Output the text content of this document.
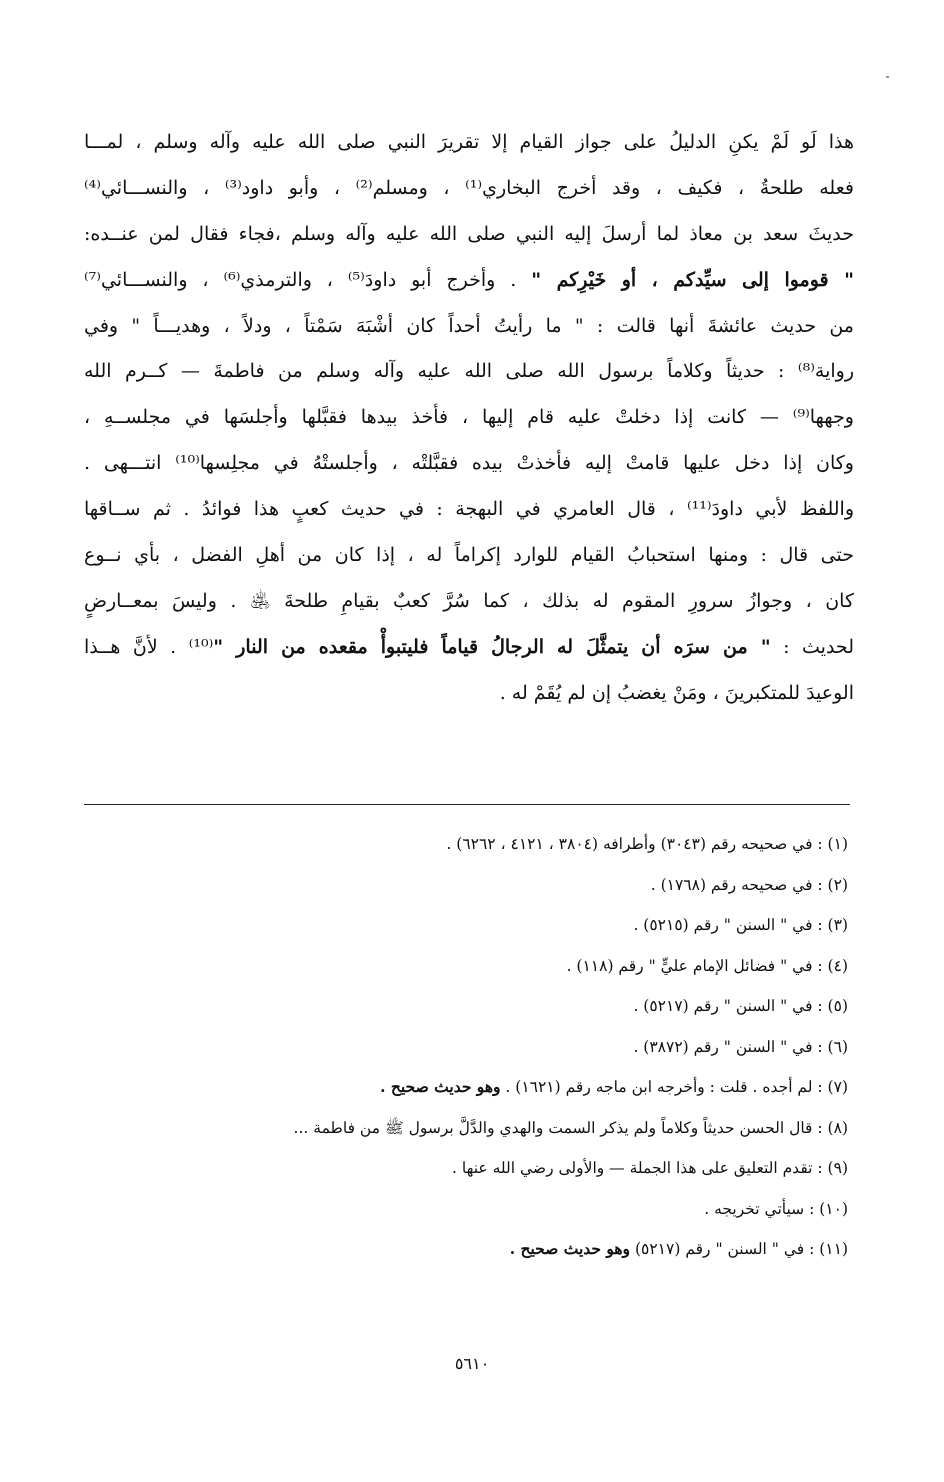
هذا لَو لَمْ يكنِ الدليلُ على جواز القيام إلا تقريرَ النبي صلى الله عليه وآله وسلم ، لمـــا
فعله طلحةُ ، فكيف ، وقد أخرج البخاري⁽¹⁾ ، ومسلم⁽²⁾ ، وأبو داود⁽³⁾ ، والنســـائي⁽⁴⁾
حديثَ سعد بن معاذ لما أرسلَ إليه النبي صلى الله عليه وآله وسلم ،فجاء فقال لمن عنــده:
" قوموا إلى سيِّدكم ، أو خَيْرِكم " . وأخرج أبو داودَ⁽⁵⁾ ، والترمذي⁽⁶⁾ ، والنســـائي⁽⁷⁾
من حديث عائشةَ أنها قالت : " ما رأيتُ أحداً كان أشْبَهَ سَمْتاً ، ودلاً ، وهديـــاً " وفي
رواية⁽⁸⁾ : حديثاً وكلاماً برسول الله صلى الله عليه وآله وسلم من فاطمةَ — كــرم الله
وجهها⁽⁹⁾ — كانت إذا دخلتْ عليه قام إليها ، فأخذ بيدها فقبَّلها وأجلسَها في مجلســهِ ،
وكان إذا دخل عليها قامتْ إليه فأخذتْ بيده فقبَّلتْه ، وأجلستْهُ في مجلِسها⁽¹⁰⁾ انتـــهى .
واللفظ لأبي داودَ⁽¹¹⁾ ، قال العامري في البهجة : في حديث كعبٍ هذا فوائدُ . ثم ســاقها
حتى قال : ومنها استحبابُ القيام للوارد إكراماً له ، إذا كان من أهلِ الفضل ، بأي نــوع
كان ، وجوازُ سرورِ المقوم له بذلك ، كما سُرَّ كعبٌ بقيامِ طلحةَ ﵁ . وليسَ بمعــارضٍ
لحديث : " من سرَه أن يتمثَّلَ له الرجالُ قياماً فليتبوأْ مقعده من النار "⁽¹⁰⁾ . لأنَّ هــذا
الوعيدَ للمتكبرينَ ، ومَنْ يغضبُ إن لم يُقَمْ له .
(١) : في صحيحه رقم (٣٠٤٣) وأطرافه (٣٨٠٤ ، ٤١٢١ ، ٦٢٦٢) .
(٢) : في صحيحه رقم (١٧٦٨) .
(٣) : في " السنن " رقم (٥٢١٥) .
(٤) : في " فضائل الإمام عليٍّ " رقم (١١٨) .
(٥) : في " السنن " رقم (٥٢١٧) .
(٦) : في " السنن " رقم (٣٨٧٢) .
(٧) : لم أجده . قلت : وأخرجه ابن ماجه رقم (١٦٢١) . وهو حديث صحيح .
(٨) : قال الحسن حديثاً وكلاماً ولم يذكر السمت والهدي والدَّلَّ برسول ﷺ من فاطمة ...
(٩) : تقدم التعليق على هذا الجملة — والأولى رضي الله عنها .
(١٠) : سيأتي تخريجه .
(١١) : في " السنن " رقم (٥٢١٧) وهو حديث صحيح .
٥٦١٠
